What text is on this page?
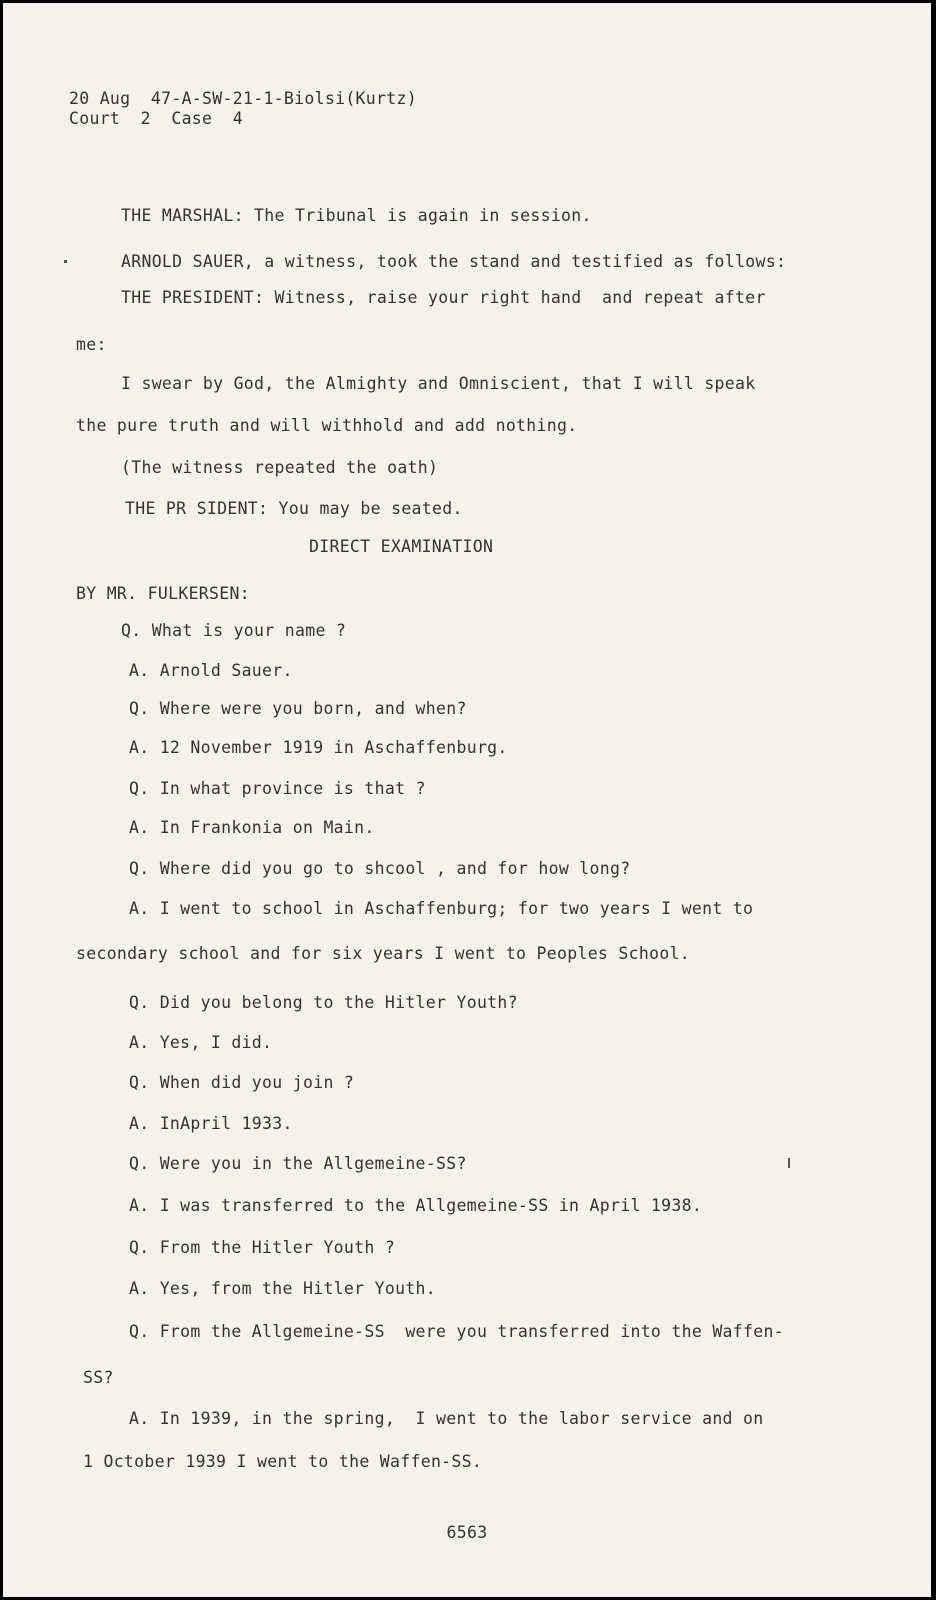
20 Aug  47-A-SW-21-1-Biolsi(Kurtz)
Court  2  Case  4
THE MARSHAL: The Tribunal is again in session.
ARNOLD SAUER, a witness, took the stand and testified as follows:
THE PRESIDENT: Witness, raise your right hand  and repeat after
me:
I swear by God, the Almighty and Omniscient, that I will speak
the pure truth and will withhold and add nothing.
(The witness repeated the oath)
THE PR SIDENT: You may be seated.
DIRECT EXAMINATION
BY MR. FULKERSEN:
Q. What is your name ?
A. Arnold Sauer.
Q. Where were you born, and when?
A. 12 November 1919 in Aschaffenburg.
Q. In what province is that ?
A. In Frankonia on Main.
Q. Where did you go to shcool , and for how long?
A. I went to school in Aschaffenburg; for two years I went to
secondary school and for six years I went to Peoples School.
Q. Did you belong to the Hitler Youth?
A. Yes, I did.
Q. When did you join ?
A. InApril 1933.
Q. Were you in the Allgemeine-SS?
A. I was transferred to the Allgemeine-SS in April 1938.
Q. From the Hitler Youth ?
A. Yes, from the Hitler Youth.
Q. From the Allgemeine-SS  were you transferred into the Waffen-
SS?
A. In 1939, in the spring,  I went to the labor service and on
1 October 1939 I went to the Waffen-SS.
6563
